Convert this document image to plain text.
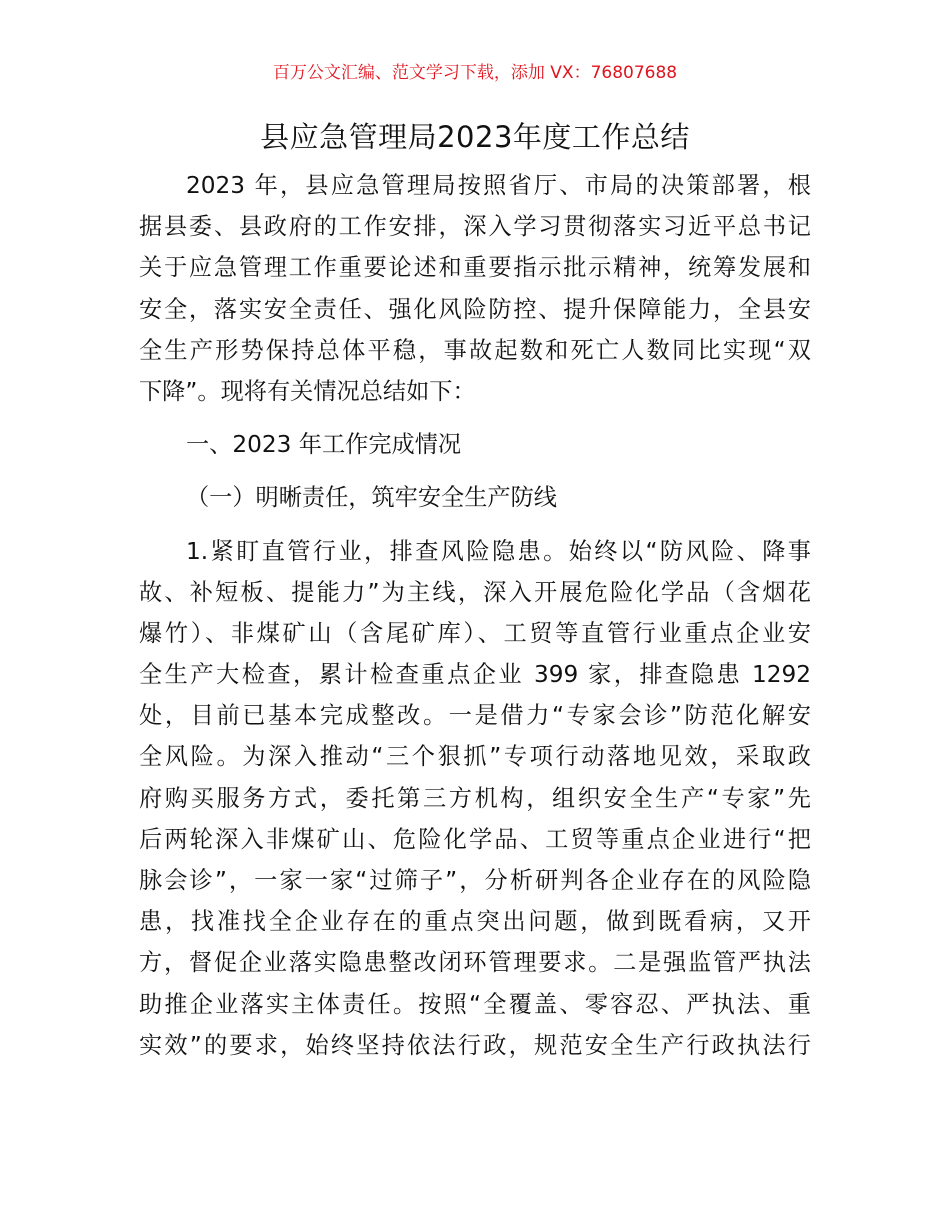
百万公文汇编、范文学习下载，添加 VX：76807688
县应急管理局2023年度工作总结
2023 年，县应急管理局按照省厅、市局的决策部署，根
据县委、县政府的工作安排，深入学习贯彻落实习近平总书记
关于应急管理工作重要论述和重要指示批示精神，统筹发展和
安全，落实安全责任、强化风险防控、提升保障能力，全县安
全生产形势保持总体平稳，事故起数和死亡人数同比实现“双
下降”。现将有关情况总结如下：
一、2023 年工作完成情况
（一）明晰责任，筑牢安全生产防线
1.紧盯直管行业，排查风险隐患。始终以“防风险、降事
故、补短板、提能力”为主线，深入开展危险化学品（含烟花
爆竹）、非煤矿山（含尾矿库）、工贸等直管行业重点企业安
全生产大检查，累计检查重点企业 399 家，排查隐患 1292
处，目前已基本完成整改。一是借力“专家会诊”防范化解安
全风险。为深入推动“三个狠抓”专项行动落地见效，采取政
府购买服务方式，委托第三方机构，组织安全生产“专家”先
后两轮深入非煤矿山、危险化学品、工贸等重点企业进行“把
脉会诊”，一家一家“过筛子”，分析研判各企业存在的风险隐
患，找准找全企业存在的重点突出问题，做到既看病，又开
方，督促企业落实隐患整改闭环管理要求。二是强监管严执法
助推企业落实主体责任。按照“全覆盖、零容忍、严执法、重
实效”的要求，始终坚持依法行政，规范安全生产行政执法行
